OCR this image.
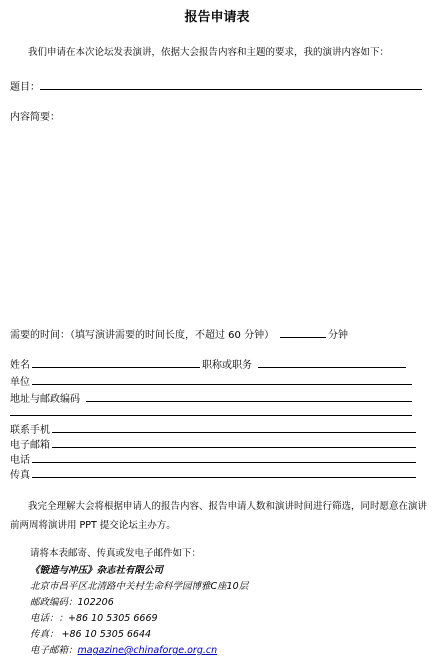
报告申请表
我们申请在本次论坛发表演讲，依据大会报告内容和主题的要求，我的演讲内容如下：
题目：
内容简要：
需要的时间：（填写演讲需要的时间长度，不超过 60 分钟）	分钟
姓名	职称或职务
单位
地址与邮政编码
联系手机
电子邮箱
电话
传真
我完全理解大会将根据申请人的报告内容、报告申请人数和演讲时间进行筛选，同时愿意在演讲前两周将演讲用 PPT 提交论坛主办方。
请将本表邮寄、传真或发电子邮件如下：
《锻造与冲压》杂志社有限公司
北京市昌平区北清路中关村生命科学园博雅C座10层
邮政编码：102206
电话：：+86 10 5305 6669
传真： +86 10 5305 6644
电子邮箱：magazine@chinaforge.org.cn
